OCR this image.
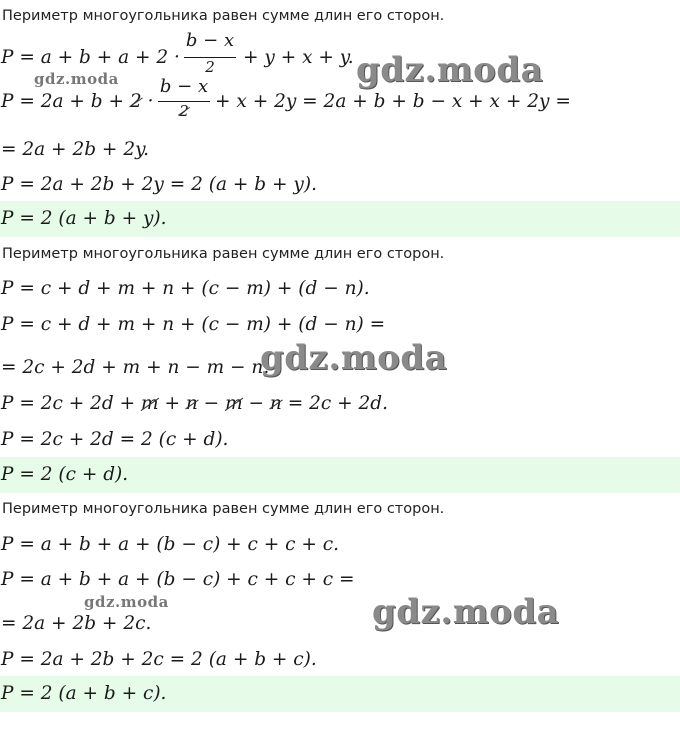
Периметр многоугольника равен сумме длин его сторон.
P = a + b + a + 2 ·
b − x
2	+ y + x + y.
P = 2a + b + 2 ·
b − x
2	+ x + 2y = 2a + b + b − x + x + 2y =
= 2a + 2b + 2y.
P = 2a + 2b + 2y = 2 (a + b + y).
P = 2 (a + b + y).
Периметр многоугольника равен сумме длин его сторон.
P = c + d + m + n + (c − m) + (d − n).
P = c + d + m + n + (c − m) + (d − n) =
= 2c + 2d + m + n − m − n.
P = 2c + 2d + m + n − m − n = 2c + 2d.
P = 2c + 2d = 2 (c + d).
P = 2 (c + d).
Периметр многоугольника равен сумме длин его сторон.
P = a + b + a + (b − c) + c + c + c.
P = a + b + a + (b − c) + c + c + c =
= 2a + 2b + 2c.
P = 2a + 2b + 2c = 2 (a + b + c).
P = 2 (a + b + c).
gdz.moda
gdz.moda
gdz.moda
gdz.moda
gdz.moda
